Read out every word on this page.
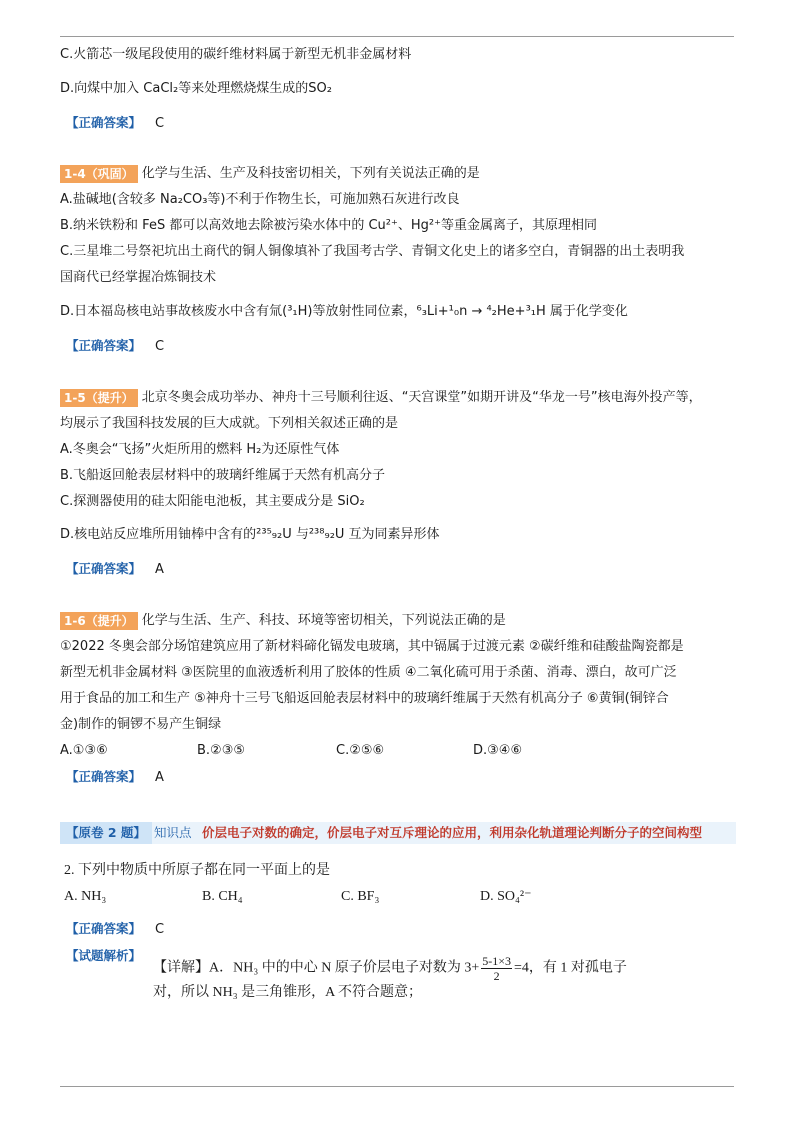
C.火箭芯一级尾段使用的碳纤维材料属于新型无机非金属材料
D.向煤中加入 CaCl₂等来处理燃烧煤生成的SO₂
【正确答案】 C
1-4（巩固） 化学与生活、生产及科技密切相关，下列有关说法正确的是
A.盐碱地(含较多 Na₂CO₃等)不利于作物生长，可施加熟石灰进行改良
B.纳米铁粉和 FeS 都可以高效地去除被污染水体中的 Cu²⁺、Hg²⁺等重金属离子，其原理相同
C.三星堆二号祭祀坑出土商代的铜人铜像填补了我国考古学、青铜文化史上的诸多空白，青铜器的出土表明我
国商代已经掌握冶炼铜技术
D.日本福岛核电站事故核废水中含有氚(³₁H)等放射性同位素，⁶₃Li+¹₀n → ⁴₂He+³₁H 属于化学变化
【正确答案】 C
1-5（提升） 北京冬奥会成功举办、神舟十三号顺利往返、“天宫课堂”如期开讲及“华龙一号”核电海外投产等，
均展示了我国科技发展的巨大成就。下列相关叙述正确的是
A.冬奥会“飞扬”火炬所用的燃料 H₂为还原性气体
B.飞船返回舱表层材料中的玻璃纤维属于天然有机高分子
C.探测器使用的硅太阳能电池板，其主要成分是 SiO₂
D.核电站反应堆所用铀棒中含有的²³⁵₉₂U 与²³⁸₉₂U 互为同素异形体
【正确答案】 A
1-6（提升） 化学与生活、生产、科技、环境等密切相关，下列说法正确的是
①2022 冬奥会部分场馆建筑应用了新材料碲化镉发电玻璃，其中镉属于过渡元素 ②碳纤维和硅酸盐陶瓷都是
新型无机非金属材料 ③医院里的血液透析利用了胶体的性质 ④二氧化硫可用于杀菌、消毒、漂白，故可广泛
用于食品的加工和生产 ⑤神舟十三号飞船返回舱表层材料中的玻璃纤维属于天然有机高分子 ⑥黄铜(铜锌合
金)制作的铜锣不易产生铜绿
A.①③⑥	B.②③⑤	C.②⑤⑥	D.③④⑥
【正确答案】 A
【原卷 2 题】 知识点 价层电子对数的确定，价层电子对互斥理论的应用，利用杂化轨道理论判断分子的空间构型
2. 下列中物质中所原子都在同一平面上的是
A. NH₃	B. CH₄	C. BF₃	D. SO₄²⁻
【正确答案】 C
【试题解析】
【详解】A．NH₃ 中的中心 N 原子价层电子对数为 $3+ \frac{5-1\times 3}{2} =4$，有 1 对孤电子
对，所以 NH₃ 是三角锥形，A 不符合题意；
